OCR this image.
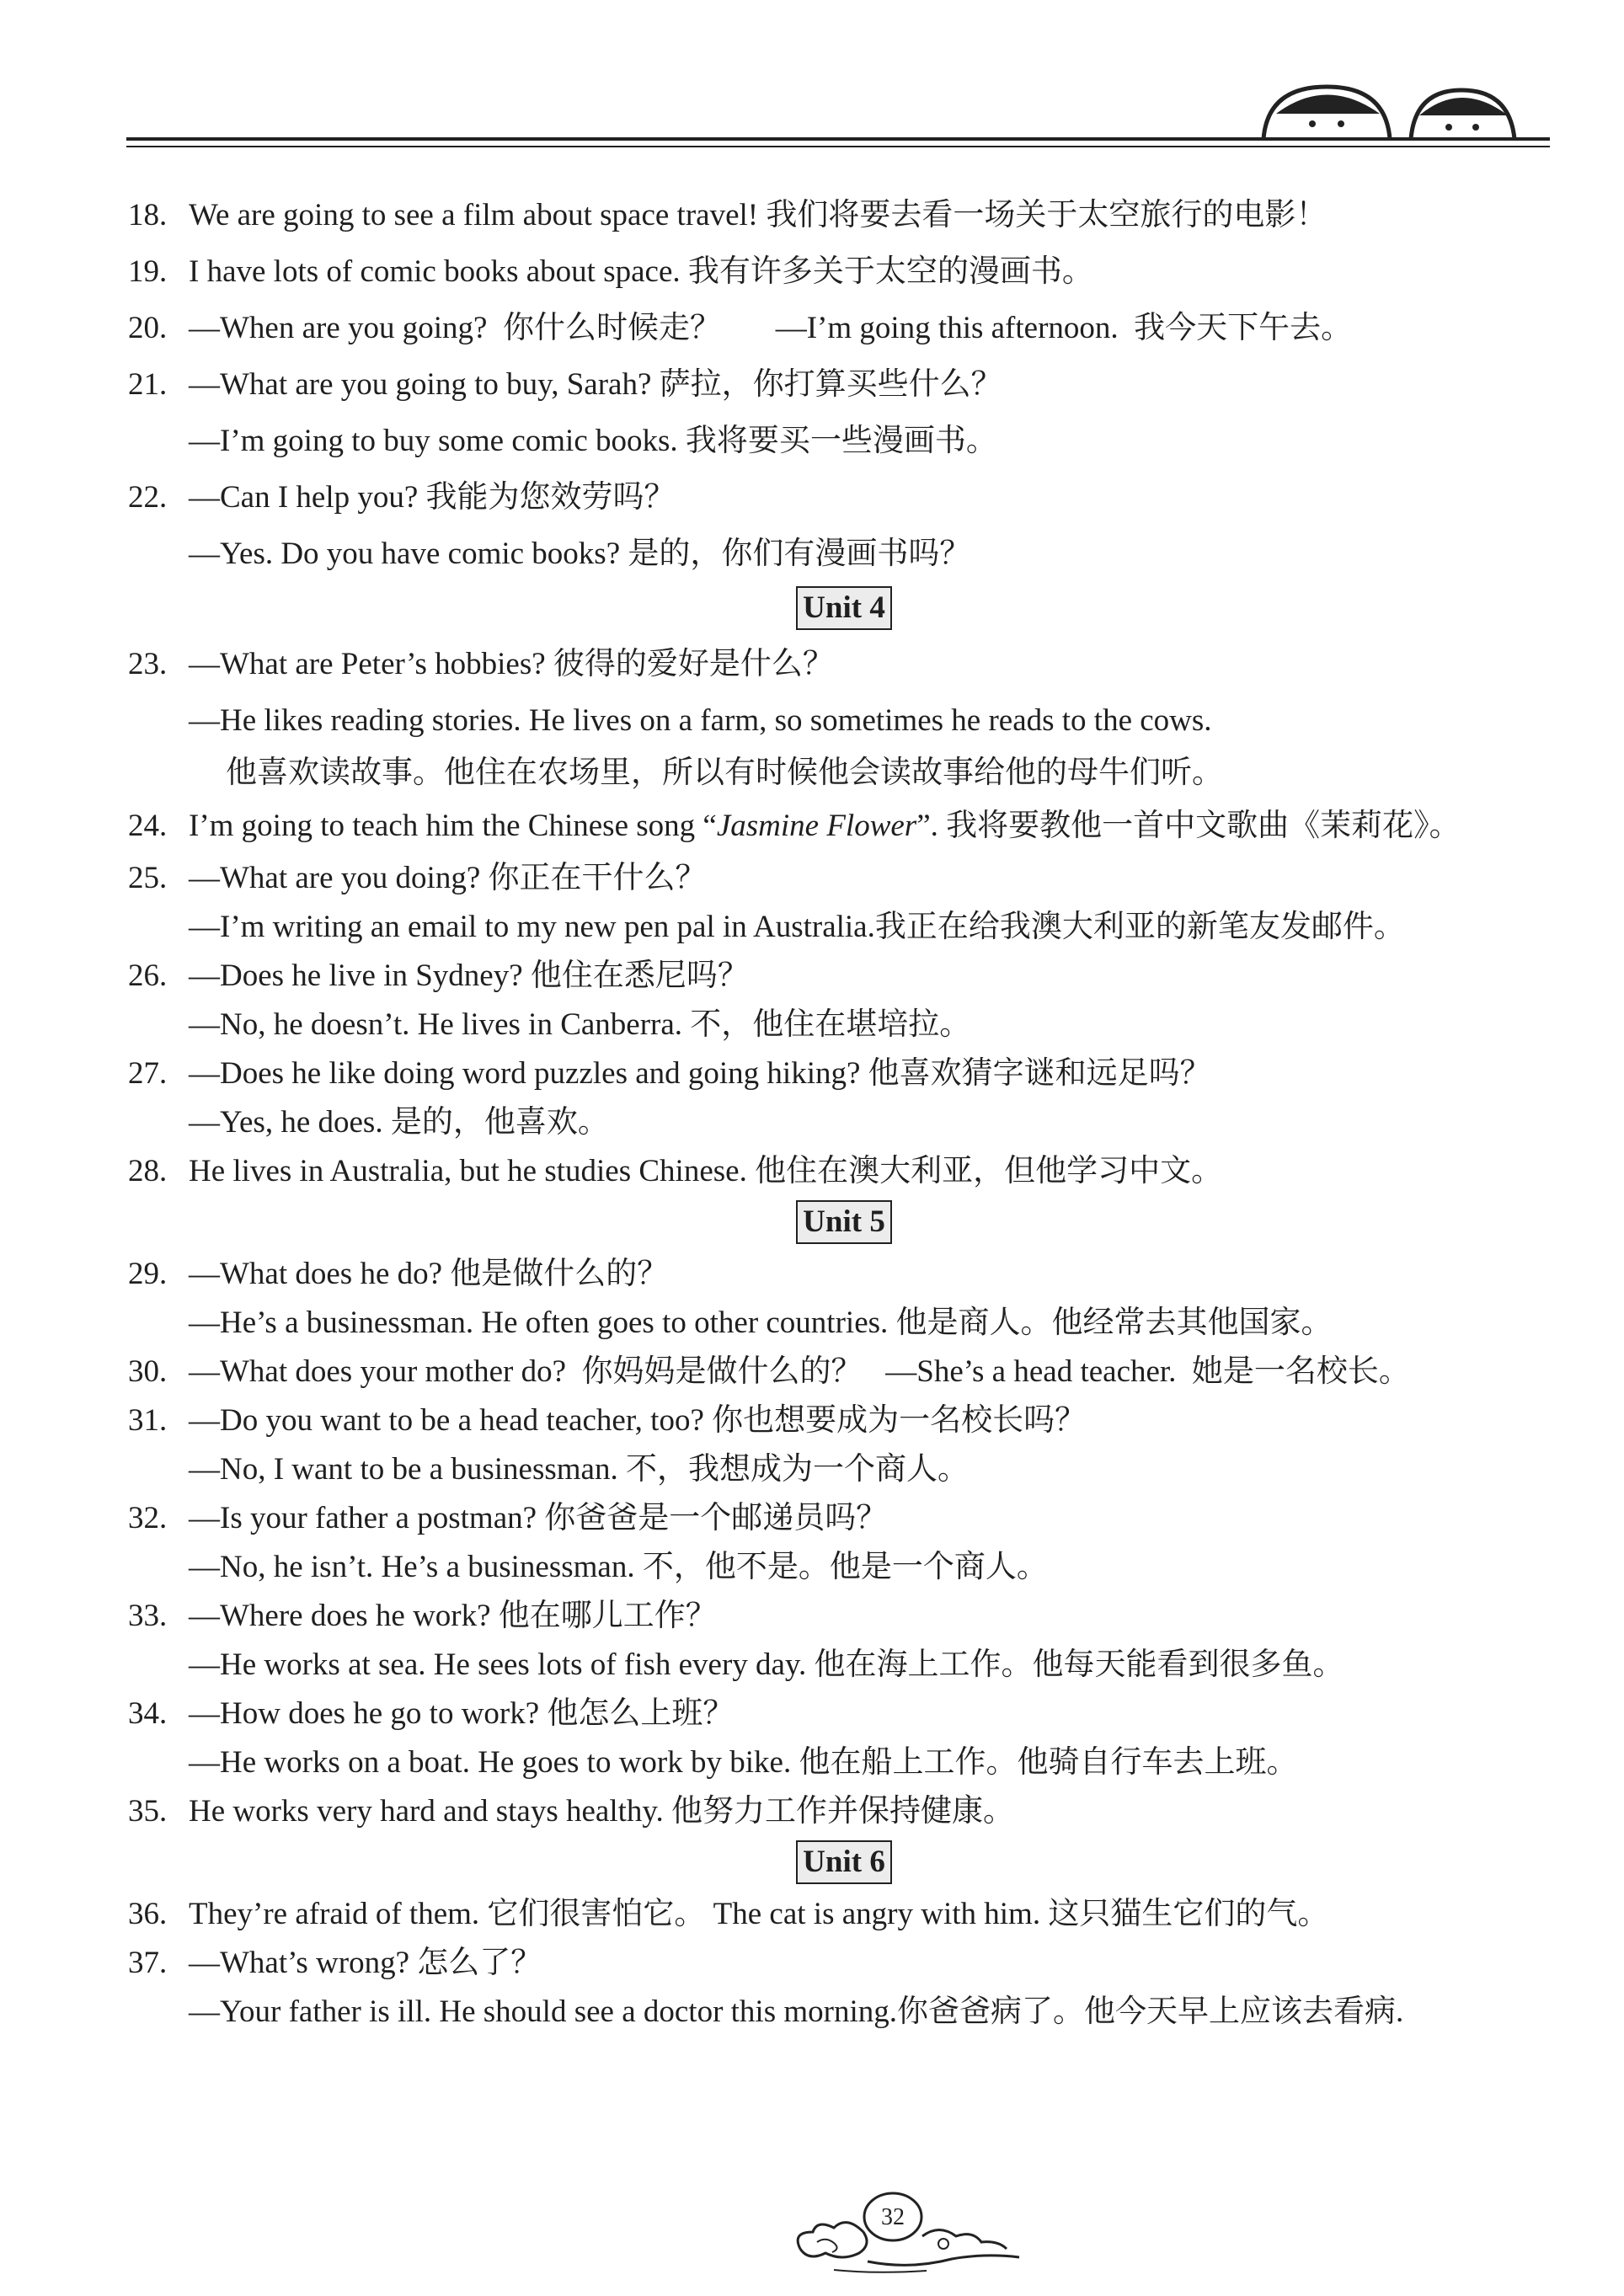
18. We are going to see a film about space travel! 我们将要去看一场关于太空旅行的电影！
19. I have lots of comic books about space. 我有许多关于太空的漫画书。
20. —When are you going?  你什么时候走？       —I’m going this afternoon.  我今天下午去。
21. —What are you going to buy, Sarah? 萨拉，你打算买些什么？
—I’m going to buy some comic books. 我将要买一些漫画书。
22. —Can I help you? 我能为您效劳吗？
—Yes. Do you have comic books? 是的，你们有漫画书吗？
Unit 4
23. —What are Peter’s hobbies? 彼得的爱好是什么？
—He likes reading stories. He lives on a farm, so sometimes he reads to the cows.
他喜欢读故事。他住在农场里，所以有时候他会读故事给他的母牛们听。
24. I’m going to teach him the Chinese song “Jasmine Flower”. 我将要教他一首中文歌曲《茉莉花》。
25. —What are you doing? 你正在干什么？
—I’m writing an email to my new pen pal in Australia.我正在给我澳大利亚的新笔友发邮件。
26. —Does he live in Sydney? 他住在悉尼吗？
—No, he doesn’t. He lives in Canberra. 不，他住在堪培拉。
27. —Does he like doing word puzzles and going hiking? 他喜欢猜字谜和远足吗？
—Yes, he does. 是的，他喜欢。
28. He lives in Australia, but he studies Chinese. 他住在澳大利亚，但他学习中文。
Unit 5
29. —What does he do? 他是做什么的？
—He’s a businessman. He often goes to other countries. 他是商人。他经常去其他国家。
30. —What does your mother do?  你妈妈是做什么的？   —She’s a head teacher.  她是一名校长。
31. —Do you want to be a head teacher, too? 你也想要成为一名校长吗？
—No, I want to be a businessman. 不，我想成为一个商人。
32. —Is your father a postman? 你爸爸是一个邮递员吗？
—No, he isn’t. He’s a businessman. 不，他不是。他是一个商人。
33. —Where does he work? 他在哪儿工作？
—He works at sea. He sees lots of fish every day. 他在海上工作。他每天能看到很多鱼。
34. —How does he go to work? 他怎么上班？
—He works on a boat. He goes to work by bike. 他在船上工作。他骑自行车去上班。
35. He works very hard and stays healthy. 他努力工作并保持健康。
Unit 6
36. They’re afraid of them. 它们很害怕它。 The cat is angry with him. 这只猫生它们的气。
37. —What’s wrong? 怎么了？
—Your father is ill. He should see a doctor this morning.你爸爸病了。他今天早上应该去看病.
32
